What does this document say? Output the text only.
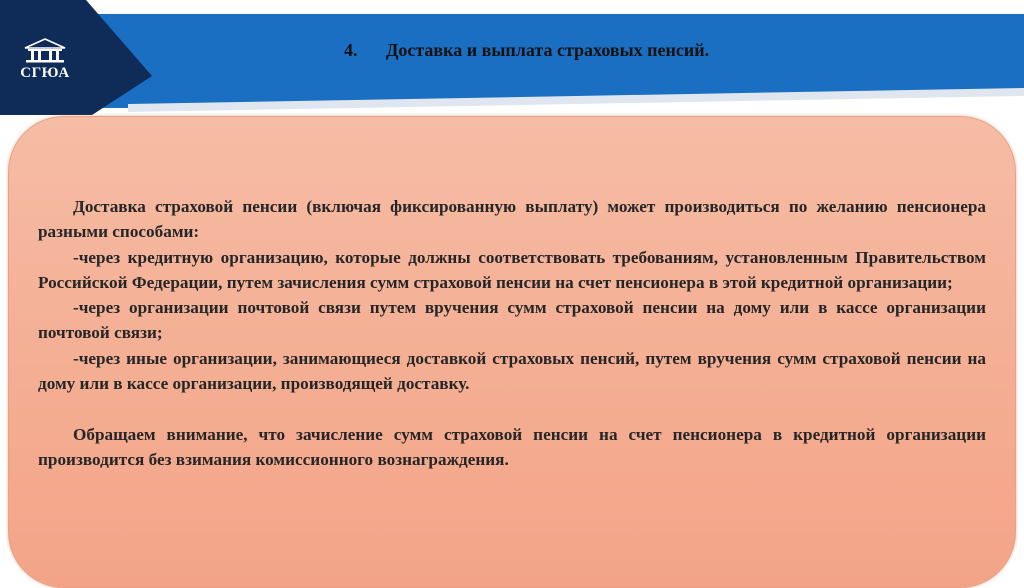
СГЮА
4. Доставка и выплата страховых пенсий.

Доставка страховой пенсии (включая фиксированную выплату) может производиться по желанию пенсионера разными способами:

-через кредитную организацию, которые должны соответствовать требованиям, установленным Правительством Российской Федерации, путем зачисления сумм страховой пенсии на счет пенсионера в этой кредитной организации;

-через организации почтовой связи путем вручения сумм страховой пенсии на дому или в кассе организации почтовой связи;

-через иные организации, занимающиеся доставкой страховых пенсий, путем вручения сумм страховой пенсии на дому или в кассе организации, производящей доставку.

Обращаем внимание, что зачисление сумм страховой пенсии на счет пенсионера в кредитной организации производится без взимания комиссионного вознаграждения.
